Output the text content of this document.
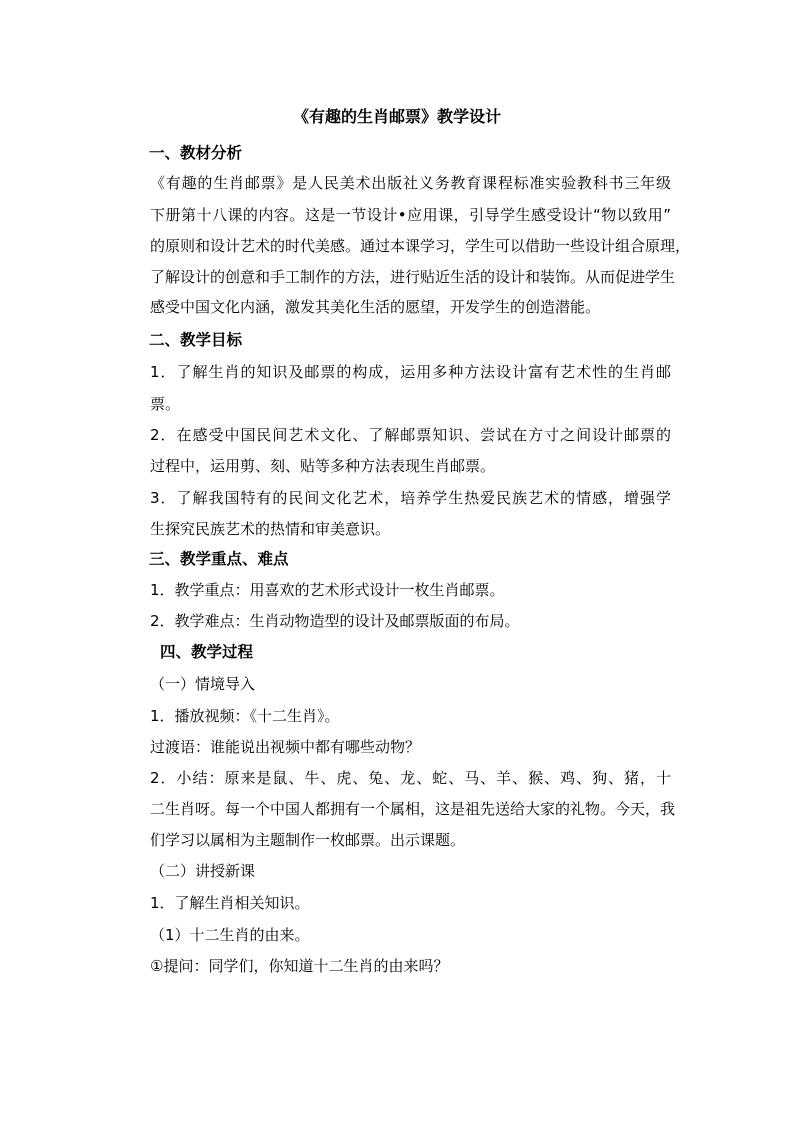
《有趣的生肖邮票》教学设计
一、教材分析
《有趣的生肖邮票》是人民美术出版社义务教育课程标准实验教科书三年级
下册第十八课的内容。这是一节设计•应用课，引导学生感受设计“物以致用”
的原则和设计艺术的时代美感。通过本课学习，学生可以借助一些设计组合原理，
了解设计的创意和手工制作的方法，进行贴近生活的设计和装饰。从而促进学生
感受中国文化内涵，激发其美化生活的愿望，开发学生的创造潜能。
二、教学目标
1．了解生肖的知识及邮票的构成，运用多种方法设计富有艺术性的生肖邮
票。
2．在感受中国民间艺术文化、了解邮票知识、尝试在方寸之间设计邮票的
过程中，运用剪、刻、贴等多种方法表现生肖邮票。
3．了解我国特有的民间文化艺术，培养学生热爱民族艺术的情感，增强学
生探究民族艺术的热情和审美意识。
三、教学重点、难点
1．教学重点：用喜欢的艺术形式设计一枚生肖邮票。
2．教学难点：生肖动物造型的设计及邮票版面的布局。
四、教学过程
（一）情境导入
1．播放视频：《十二生肖》。
过渡语：谁能说出视频中都有哪些动物？
2．小结：原来是鼠、牛、虎、兔、龙、蛇、马、羊、猴、鸡、狗、猪，十
二生肖呀。每一个中国人都拥有一个属相，这是祖先送给大家的礼物。今天，我
们学习以属相为主题制作一枚邮票。出示课题。
（二）讲授新课
1．了解生肖相关知识。
（1）十二生肖的由来。
①提问：同学们，你知道十二生肖的由来吗？
